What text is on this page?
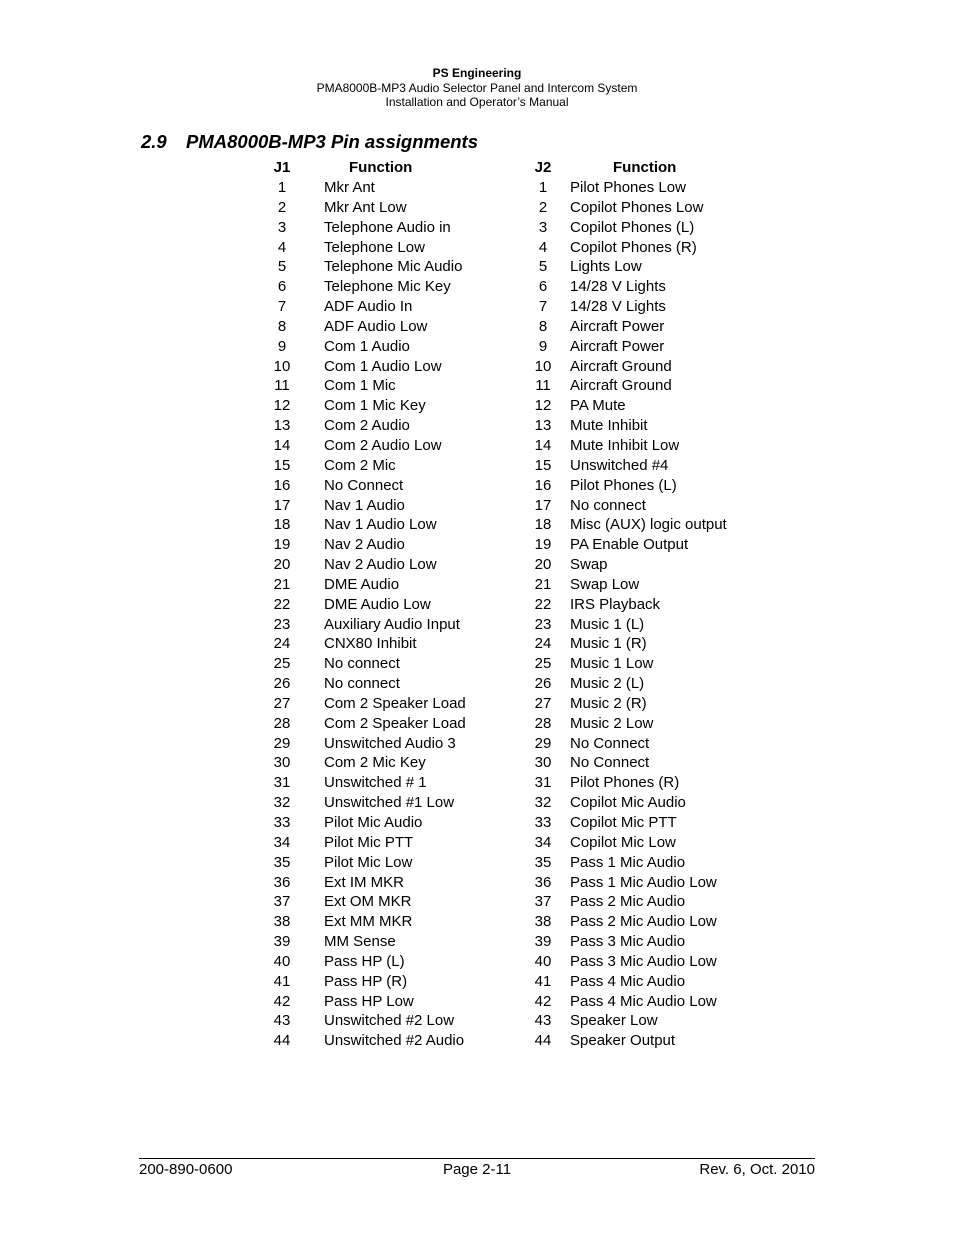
PS Engineering
PMA8000B-MP3 Audio Selector Panel and Intercom System
Installation and Operator’s Manual
2.9 PMA8000B-MP3 Pin assignments
J1	Function	J2	Function
1	Mkr Ant	1	Pilot Phones Low
2	Mkr Ant Low	2	Copilot Phones Low
3	Telephone Audio in	3	Copilot Phones (L)
4	Telephone Low	4	Copilot Phones (R)
5	Telephone Mic Audio	5	Lights Low
6	Telephone Mic Key	6	14/28 V Lights
7	ADF Audio In	7	14/28 V Lights
8	ADF Audio Low	8	Aircraft Power
9	Com 1 Audio	9	Aircraft Power
10	Com 1 Audio Low	10	Aircraft Ground
11	Com 1 Mic	11	Aircraft Ground
12	Com 1 Mic Key	12	PA Mute
13	Com 2 Audio	13	Mute Inhibit
14	Com 2 Audio Low	14	Mute Inhibit Low
15	Com 2 Mic	15	Unswitched #4
16	No Connect	16	Pilot Phones (L)
17	Nav 1 Audio	17	No connect
18	Nav 1 Audio Low	18	Misc (AUX) logic output
19	Nav 2 Audio	19	PA Enable Output
20	Nav 2 Audio Low	20	Swap
21	DME Audio	21	Swap Low
22	DME Audio Low	22	IRS Playback
23	Auxiliary Audio Input	23	Music 1 (L)
24	CNX80 Inhibit	24	Music 1 (R)
25	No connect	25	Music 1 Low
26	No connect	26	Music 2 (L)
27	Com 2 Speaker Load	27	Music 2 (R)
28	Com 2 Speaker Load	28	Music 2 Low
29	Unswitched Audio 3	29	No Connect
30	Com 2 Mic Key	30	No Connect
31	Unswitched # 1	31	Pilot Phones (R)
32	Unswitched #1 Low	32	Copilot Mic Audio
33	Pilot Mic Audio	33	Copilot Mic PTT
34	Pilot Mic PTT	34	Copilot Mic Low
35	Pilot Mic Low	35	Pass 1 Mic Audio
36	Ext IM MKR	36	Pass 1 Mic Audio Low
37	Ext OM MKR	37	Pass 2 Mic Audio
38	Ext MM MKR	38	Pass 2 Mic Audio Low
39	MM Sense	39	Pass 3 Mic Audio
40	Pass HP (L)	40	Pass 3 Mic Audio Low
41	Pass HP (R)	41	Pass 4 Mic Audio
42	Pass HP Low	42	Pass 4 Mic Audio Low
43	Unswitched #2 Low	43	Speaker Low
44	Unswitched #2 Audio	44	Speaker Output
200-890-0600	Page 2-11	Rev. 6, Oct. 2010
